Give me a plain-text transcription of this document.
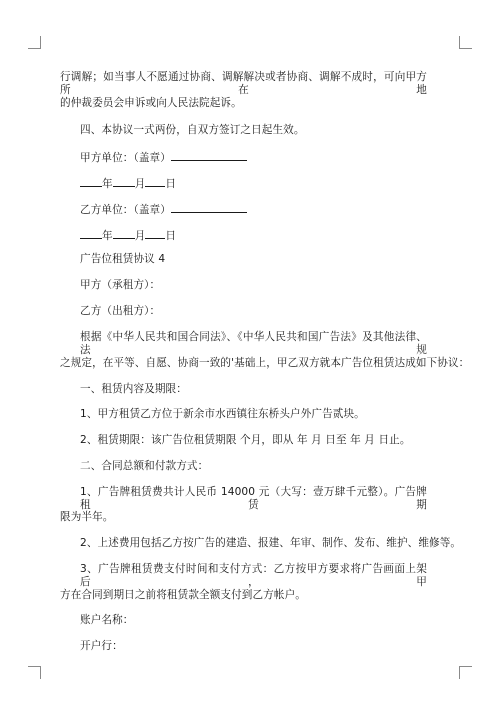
行调解；如当事人不愿通过协商、调解解决或者协商、调解不成时，可向甲方所在地
的仲裁委员会申诉或向人民法院起诉。
四、本协议一式两份，自双方签订之日起生效。
甲方单位：（盖章）
年 月 日
乙方单位：（盖章）
年 月 日
广告位租赁协议 4
甲方（承租方）：
乙方（出租方）：
根据《中华人民共和国合同法》、《中华人民共和国广告法》及其他法律、法规
之规定，在平等、自愿、协商一致的'基础上，甲乙双方就本广告位租赁达成如下协议：
一、租赁内容及期限：
1、甲方租赁乙方位于新余市水西镇往东桥头户外广告贰块。
2、租赁期限：该广告位租赁期限 个月，即从 年 月 日至 年 月 日止。
二、合同总额和付款方式：
1、广告牌租赁费共计人民币 14000 元（大写：壹万肆千元整）。广告牌租赁期
限为半年。
2、上述费用包括乙方按广告的建造、报建、年审、制作、发布、维护、维修等。
3、广告牌租赁费支付时间和支付方式：乙方按甲方要求将广告画面上架后，甲
方在合同到期日之前将租赁款全额支付到乙方帐户。
账户名称：
开户行：
